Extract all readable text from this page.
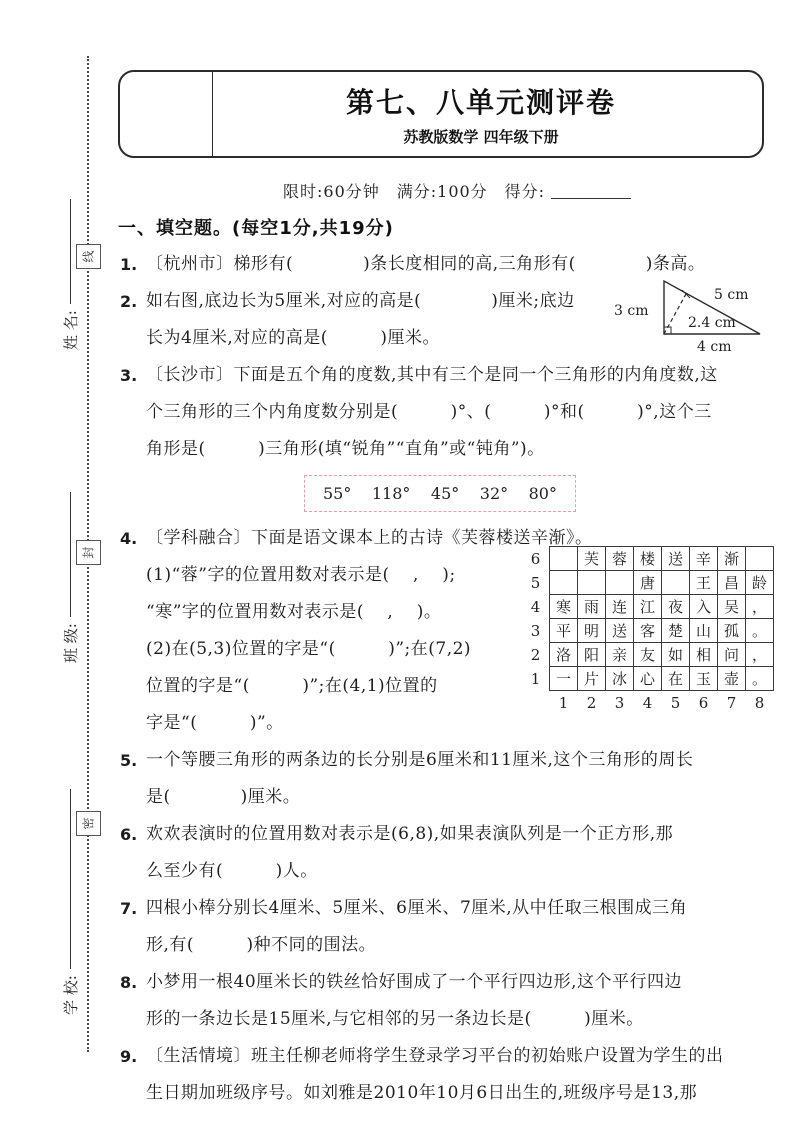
姓 名:
班 级:
学 校:
线
封
密
第七、八单元测评卷
苏教版数学 四年级下册
限时:60分钟　满分:100分　得分:
一、填空题。(每空1分,共19分)
1. 〔杭州市〕梯形有(　　　　)条长度相同的高,三角形有(　　　　)条高。
2. 如右图,底边长为5厘米,对应的高是(　　　　)厘米;底边
长为4厘米,对应的高是(　　　)厘米。
3 cm
5 cm
2.4 cm
4 cm
3. 〔长沙市〕下面是五个角的度数,其中有三个是同一个三角形的内角度数,这
个三角形的三个内角度数分别是(　　　)°、(　　　)°和(　　　)°,这个三
角形是(　　　)三角形(填“锐角”“直角”或“钝角”)。
55° 118° 45° 32° 80°
4. 〔学科融合〕下面是语文课本上的古诗《芙蓉楼送辛渐》。
(1)“蓉”字的位置用数对表示是(　 ,　 );
“寒”字的位置用数对表示是(　 ,　 )。
(2)在(5,3)位置的字是“(　　　)”;在(7,2)
位置的字是“(　　　)”;在(4,1)位置的
字是“(　　　)”。
6		芙	蓉	楼	送	辛	渐	
5				唐		王	昌	龄
4	寒	雨	连	江	夜	入	吴	，
3	平	明	送	客	楚	山	孤	。
2	洛	阳	亲	友	如	相	问	，
1	一	片	冰	心	在	玉	壶	。
	1	2	3	4	5	6	7	8
5. 一个等腰三角形的两条边的长分别是6厘米和11厘米,这个三角形的周长
是(　　　　)厘米。
6. 欢欢表演时的位置用数对表示是(6,8),如果表演队列是一个正方形,那
么至少有(　　　)人。
7. 四根小棒分别长4厘米、5厘米、6厘米、7厘米,从中任取三根围成三角
形,有(　　　)种不同的围法。
8. 小梦用一根40厘米长的铁丝恰好围成了一个平行四边形,这个平行四边
形的一条边长是15厘米,与它相邻的另一条边长是(　　　)厘米。
9. 〔生活情境〕班主任柳老师将学生登录学习平台的初始账户设置为学生的出
生日期加班级序号。如刘雅是2010年10月6日出生的,班级序号是13,那
